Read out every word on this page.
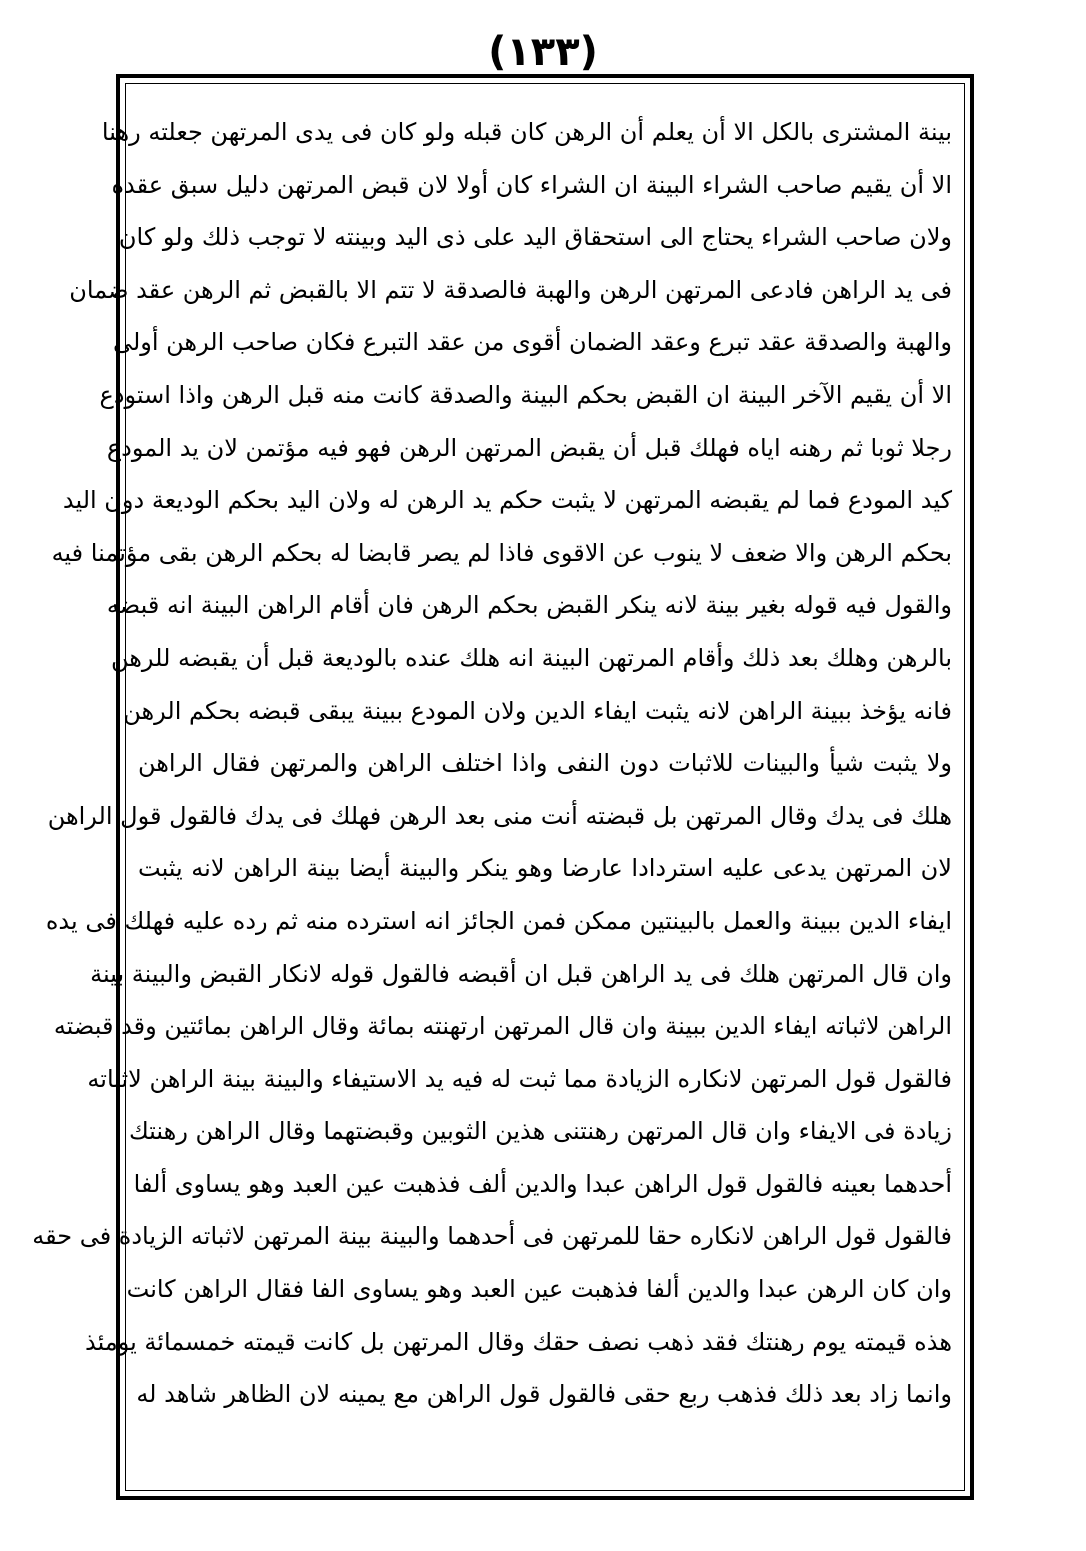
(١٣٣)
بينة المشترى بالكل الا أن يعلم أن الرهن كان قبله ولو كان فى يدى المرتهن جعلته رهنا
الا أن يقيم صاحب الشراء البينة ان الشراء كان أولا لان قبض المرتهن دليل سبق عقده
ولان صاحب الشراء يحتاج الى استحقاق اليد على ذى اليد وبينته لا توجب ذلك ولو كان
فى يد الراهن فادعى المرتهن الرهن والهبة فالصدقة لا تتم الا بالقبض ثم الرهن عقد ضمان
والهبة والصدقة عقد تبرع وعقد الضمان أقوى من عقد التبرع فكان صاحب الرهن أولى
الا أن يقيم الآخر البينة ان القبض بحكم البينة والصدقة كانت منه قبل الرهن واذا استودع
رجلا ثوبا ثم رهنه اياه فهلك قبل أن يقبض المرتهن الرهن فهو فيه مؤتمن لان يد المودع
كيد المودع فما لم يقبضه المرتهن لا يثبت حكم يد الرهن له ولان اليد بحكم الوديعة دون اليد
بحكم الرهن والا ضعف لا ينوب عن الاقوى فاذا لم يصر قابضا له بحكم الرهن بقى مؤتمنا فيه
والقول فيه قوله بغير بينة لانه ينكر القبض بحكم الرهن فان أقام الراهن البينة انه قبضه
بالرهن وهلك بعد ذلك وأقام المرتهن البينة انه هلك عنده بالوديعة قبل أن يقبضه للرهن
فانه يؤخذ ببينة الراهن لانه يثبت ايفاء الدين ولان المودع ببينة يبقى قبضه بحكم الرهن
ولا يثبت شيأ والبينات للاثبات دون النفى واذا اختلف الراهن والمرتهن فقال الراهن
هلك فى يدك وقال المرتهن بل قبضته أنت منى بعد الرهن فهلك فى يدك فالقول قول الراهن
لان المرتهن يدعى عليه استردادا عارضا وهو ينكر والبينة أيضا بينة الراهن لانه يثبت
ايفاء الدين ببينة والعمل بالبينتين ممكن فمن الجائز انه استرده منه ثم رده عليه فهلك فى يده
وان قال المرتهن هلك فى يد الراهن قبل ان أقبضه فالقول قوله لانكار القبض والبينة بينة
الراهن لاثباته ايفاء الدين ببينة وان قال المرتهن ارتهنته بمائة وقال الراهن بمائتين وقد قبضته
فالقول قول المرتهن لانكاره الزيادة مما ثبت له فيه يد الاستيفاء والبينة بينة الراهن لاثباته
زيادة فى الايفاء وان قال المرتهن رهنتنى هذين الثوبين وقبضتهما وقال الراهن رهنتك
أحدهما بعينه فالقول قول الراهن عبدا والدين ألف فذهبت عين العبد وهو يساوى ألفا
فالقول قول الراهن لانكاره حقا للمرتهن فى أحدهما والبينة بينة المرتهن لاثباته الزيادة فى حقه
وان كان الرهن عبدا والدين ألفا فذهبت عين العبد وهو يساوى الفا فقال الراهن كانت
هذه قيمته يوم رهنتك فقد ذهب نصف حقك وقال المرتهن بل كانت قيمته خمسمائة يومئذ
وانما زاد بعد ذلك فذهب ربع حقى فالقول قول الراهن مع يمينه لان الظاهر شاهد له
